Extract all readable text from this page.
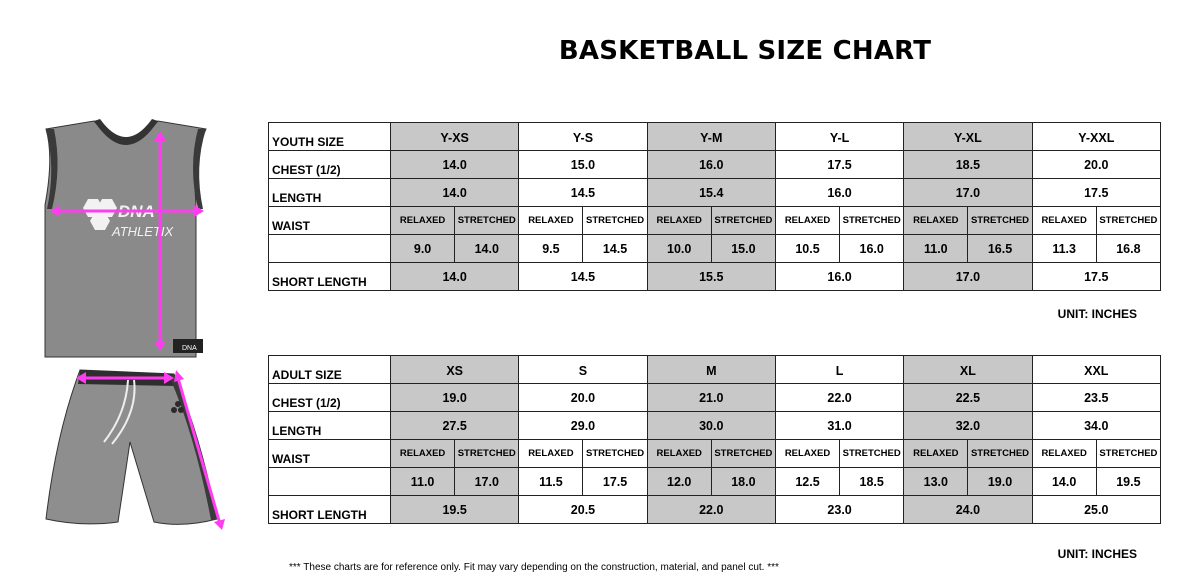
BASKETBALL SIZE CHART
DNA
ATHLETIX
DNA
YOUTH SIZE	Y-XS		Y-S		Y-M		Y-L		Y-XL		Y-XXL	
CHEST (1/2)	14.0		15.0		16.0		17.5		18.5		20.0	
LENGTH	14.0		14.5		15.4		16.0		17.0		17.5	
WAIST	RELAXED	STRETCHED	RELAXED	STRETCHED	RELAXED	STRETCHED	RELAXED	STRETCHED	RELAXED	STRETCHED	RELAXED	STRETCHED
	9.0	14.0	9.5	14.5	10.0	15.0	10.5	16.0	11.0	16.5	11.3	16.8
SHORT LENGTH	14.0		14.5		15.5		16.0		17.0		17.5	
UNIT: INCHES
ADULT SIZE	XS		S		M		L		XL		XXL	
CHEST (1/2)	19.0		20.0		21.0		22.0		22.5		23.5	
LENGTH	27.5		29.0		30.0		31.0		32.0		34.0	
WAIST	RELAXED	STRETCHED	RELAXED	STRETCHED	RELAXED	STRETCHED	RELAXED	STRETCHED	RELAXED	STRETCHED	RELAXED	STRETCHED
	11.0	17.0	11.5	17.5	12.0	18.0	12.5	18.5	13.0	19.0	14.0	19.5
SHORT LENGTH	19.5		20.5		22.0		23.0		24.0		25.0	
UNIT: INCHES
*** These charts are for reference only. Fit may vary depending on the construction, material, and panel cut. ***
